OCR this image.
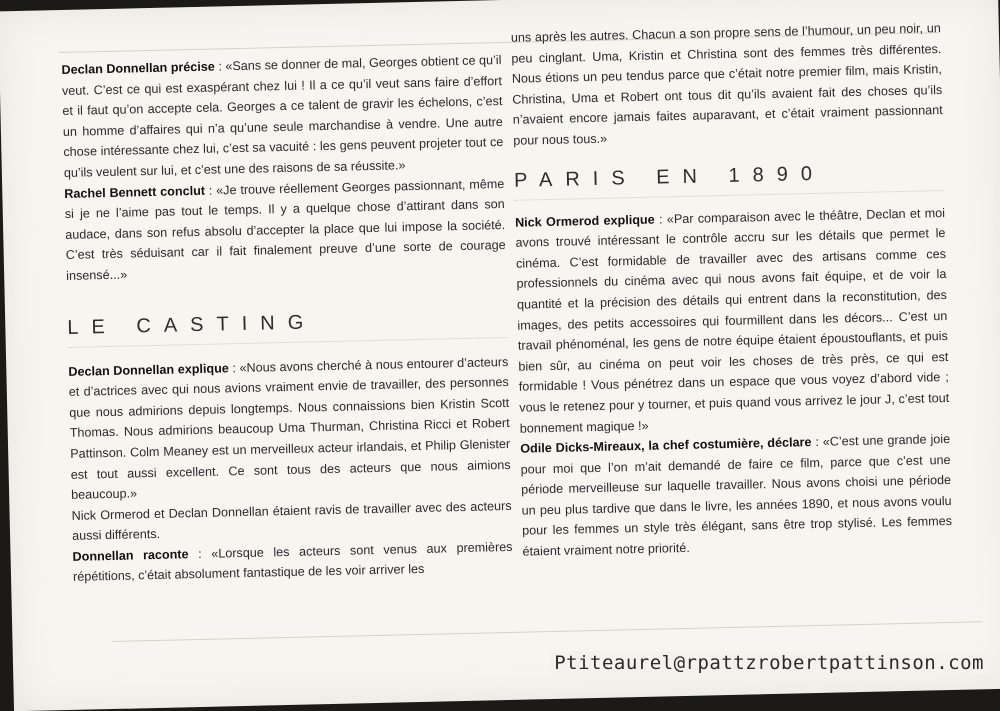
Declan Donnellan précise : «Sans se donner de mal, Georges obtient ce qu’il veut. C’est ce qui est exaspérant chez lui ! Il a ce qu’il veut sans faire d’effort et il faut qu’on accepte cela. Georges a ce talent de gravir les échelons, c’est un homme d’affaires qui n’a qu’une seule marchandise à vendre. Une autre chose intéressante chez lui, c’est sa vacuité : les gens peuvent projeter tout ce qu’ils veulent sur lui, et c’est une des raisons de sa réussite.»

Rachel Bennett conclut : «Je trouve réellement Georges passionnant, même si je ne l’aime pas tout le temps. Il y a quelque chose d’attirant dans son audace, dans son refus absolu d’accepter la place que lui impose la société. C’est très séduisant car il fait finalement preuve d’une sorte de courage insensé...»

LE CASTING

Declan Donnellan explique : «Nous avons cherché à nous entourer d’acteurs et d’actrices avec qui nous avions vraiment envie de travailler, des personnes que nous admirions depuis longtemps. Nous connaissions bien Kristin Scott Thomas. Nous admirions beaucoup Uma Thurman, Christina Ricci et Robert Pattinson. Colm Meaney est un merveilleux acteur irlandais, et Philip Glenister est tout aussi excellent. Ce sont tous des acteurs que nous aimions beaucoup.»

Nick Ormerod et Declan Donnellan étaient ravis de travailler avec des acteurs aussi différents.

Donnellan raconte : «Lorsque les acteurs sont venus aux premières répétitions, c’était absolument fantastique de les voir arriver les

uns après les autres. Chacun a son propre sens de l’humour, un peu noir, un peu cinglant. Uma, Kristin et Christina sont des femmes très différentes. Nous étions un peu tendus parce que c’était notre premier film, mais Kristin, Christina, Uma et Robert ont tous dit qu’ils avaient fait des choses qu’ils n’avaient encore jamais faites auparavant, et c’était vraiment passionnant pour nous tous.»

PARIS EN 1890

Nick Ormerod explique : «Par comparaison avec le théâtre, Declan et moi avons trouvé intéressant le contrôle accru sur les détails que permet le cinéma. C’est formidable de travailler avec des artisans comme ces professionnels du cinéma avec qui nous avons fait équipe, et de voir la quantité et la précision des détails qui entrent dans la reconstitution, des images, des petits accessoires qui fourmillent dans les décors... C’est un travail phénoménal, les gens de notre équipe étaient époustouflants, et puis bien sûr, au cinéma on peut voir les choses de très près, ce qui est formidable ! Vous pénétrez dans un espace que vous voyez d’abord vide ; vous le retenez pour y tourner, et puis quand vous arrivez le jour J, c’est tout bonnement magique !»

Odile Dicks-Mireaux, la chef costumière, déclare : «C’est une grande joie pour moi que l’on m’ait demandé de faire ce film, parce que c’est une période merveilleuse sur laquelle travailler. Nous avons choisi une période un peu plus tardive que dans le livre, les années 1890, et nous avons voulu pour les femmes un style très élégant, sans être trop stylisé. Les femmes étaient vraiment notre priorité.

Ptiteaurel@rpattzrobertpattinson.com
